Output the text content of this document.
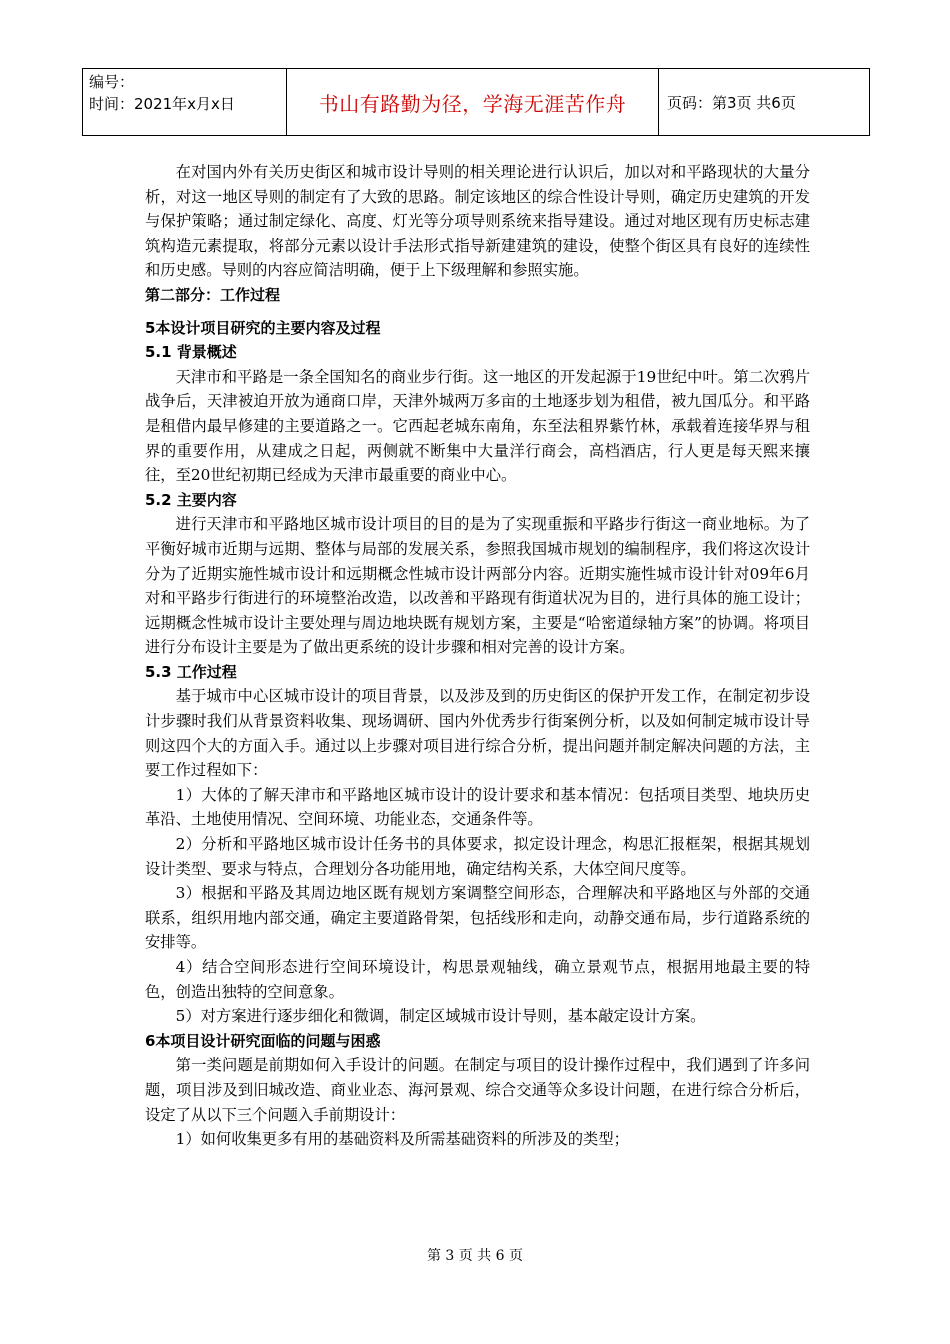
编号：
时间：2021年x月x日	书山有路勤为径，学海无涯苦作舟	页码：第3页 共6页

在对国内外有关历史街区和城市设计导则的相关理论进行认识后，加以对和平路现状的大量分析，对这一地区导则的制定有了大致的思路。制定该地区的综合性设计导则，确定历史建筑的开发与保护策略；通过制定绿化、高度、灯光等分项导则系统来指导建设。通过对地区现有历史标志建筑构造元素提取，将部分元素以设计手法形式指导新建建筑的建设，使整个街区具有良好的连续性和历史感。导则的内容应简洁明确，便于上下级理解和参照实施。

第二部分：工作过程

5本设计项目研究的主要内容及过程

5.1 背景概述

天津市和平路是一条全国知名的商业步行街。这一地区的开发起源于19世纪中叶。第二次鸦片战争后，天津被迫开放为通商口岸，天津外城两万多亩的土地逐步划为租借，被九国瓜分。和平路是租借内最早修建的主要道路之一。它西起老城东南角，东至法租界紫竹林，承载着连接华界与租界的重要作用，从建成之日起，两侧就不断集中大量洋行商会，高档酒店，行人更是每天熙来攘往，至20世纪初期已经成为天津市最重要的商业中心。

5.2 主要内容

进行天津市和平路地区城市设计项目的目的是为了实现重振和平路步行街这一商业地标。为了平衡好城市近期与远期、整体与局部的发展关系，参照我国城市规划的编制程序，我们将这次设计分为了近期实施性城市设计和远期概念性城市设计两部分内容。近期实施性城市设计针对09年6月对和平路步行街进行的环境整治改造，以改善和平路现有街道状况为目的，进行具体的施工设计；远期概念性城市设计主要处理与周边地块既有规划方案，主要是“哈密道绿轴方案”的协调。将项目进行分布设计主要是为了做出更系统的设计步骤和相对完善的设计方案。

5.3 工作过程

基于城市中心区城市设计的项目背景，以及涉及到的历史街区的保护开发工作，在制定初步设计步骤时我们从背景资料收集、现场调研、国内外优秀步行街案例分析，以及如何制定城市设计导则这四个大的方面入手。通过以上步骤对项目进行综合分析，提出问题并制定解决问题的方法，主要工作过程如下：

1）大体的了解天津市和平路地区城市设计的设计要求和基本情况：包括项目类型、地块历史革沿、土地使用情况、空间环境、功能业态，交通条件等。

2）分析和平路地区城市设计任务书的具体要求，拟定设计理念，构思汇报框架，根据其规划设计类型、要求与特点，合理划分各功能用地，确定结构关系，大体空间尺度等。

3）根据和平路及其周边地区既有规划方案调整空间形态，合理解决和平路地区与外部的交通联系，组织用地内部交通，确定主要道路骨架，包括线形和走向，动静交通布局，步行道路系统的安排等。

4）结合空间形态进行空间环境设计，构思景观轴线，确立景观节点，根据用地最主要的特色，创造出独特的空间意象。

5）对方案进行逐步细化和微调，制定区域城市设计导则，基本敲定设计方案。

6本项目设计研究面临的问题与困惑

第一类问题是前期如何入手设计的问题。在制定与项目的设计操作过程中，我们遇到了许多问题，项目涉及到旧城改造、商业业态、海河景观、综合交通等众多设计问题，在进行综合分析后，设定了从以下三个问题入手前期设计：

1）如何收集更多有用的基础资料及所需基础资料的所涉及的类型；

第 3 页 共 6 页
